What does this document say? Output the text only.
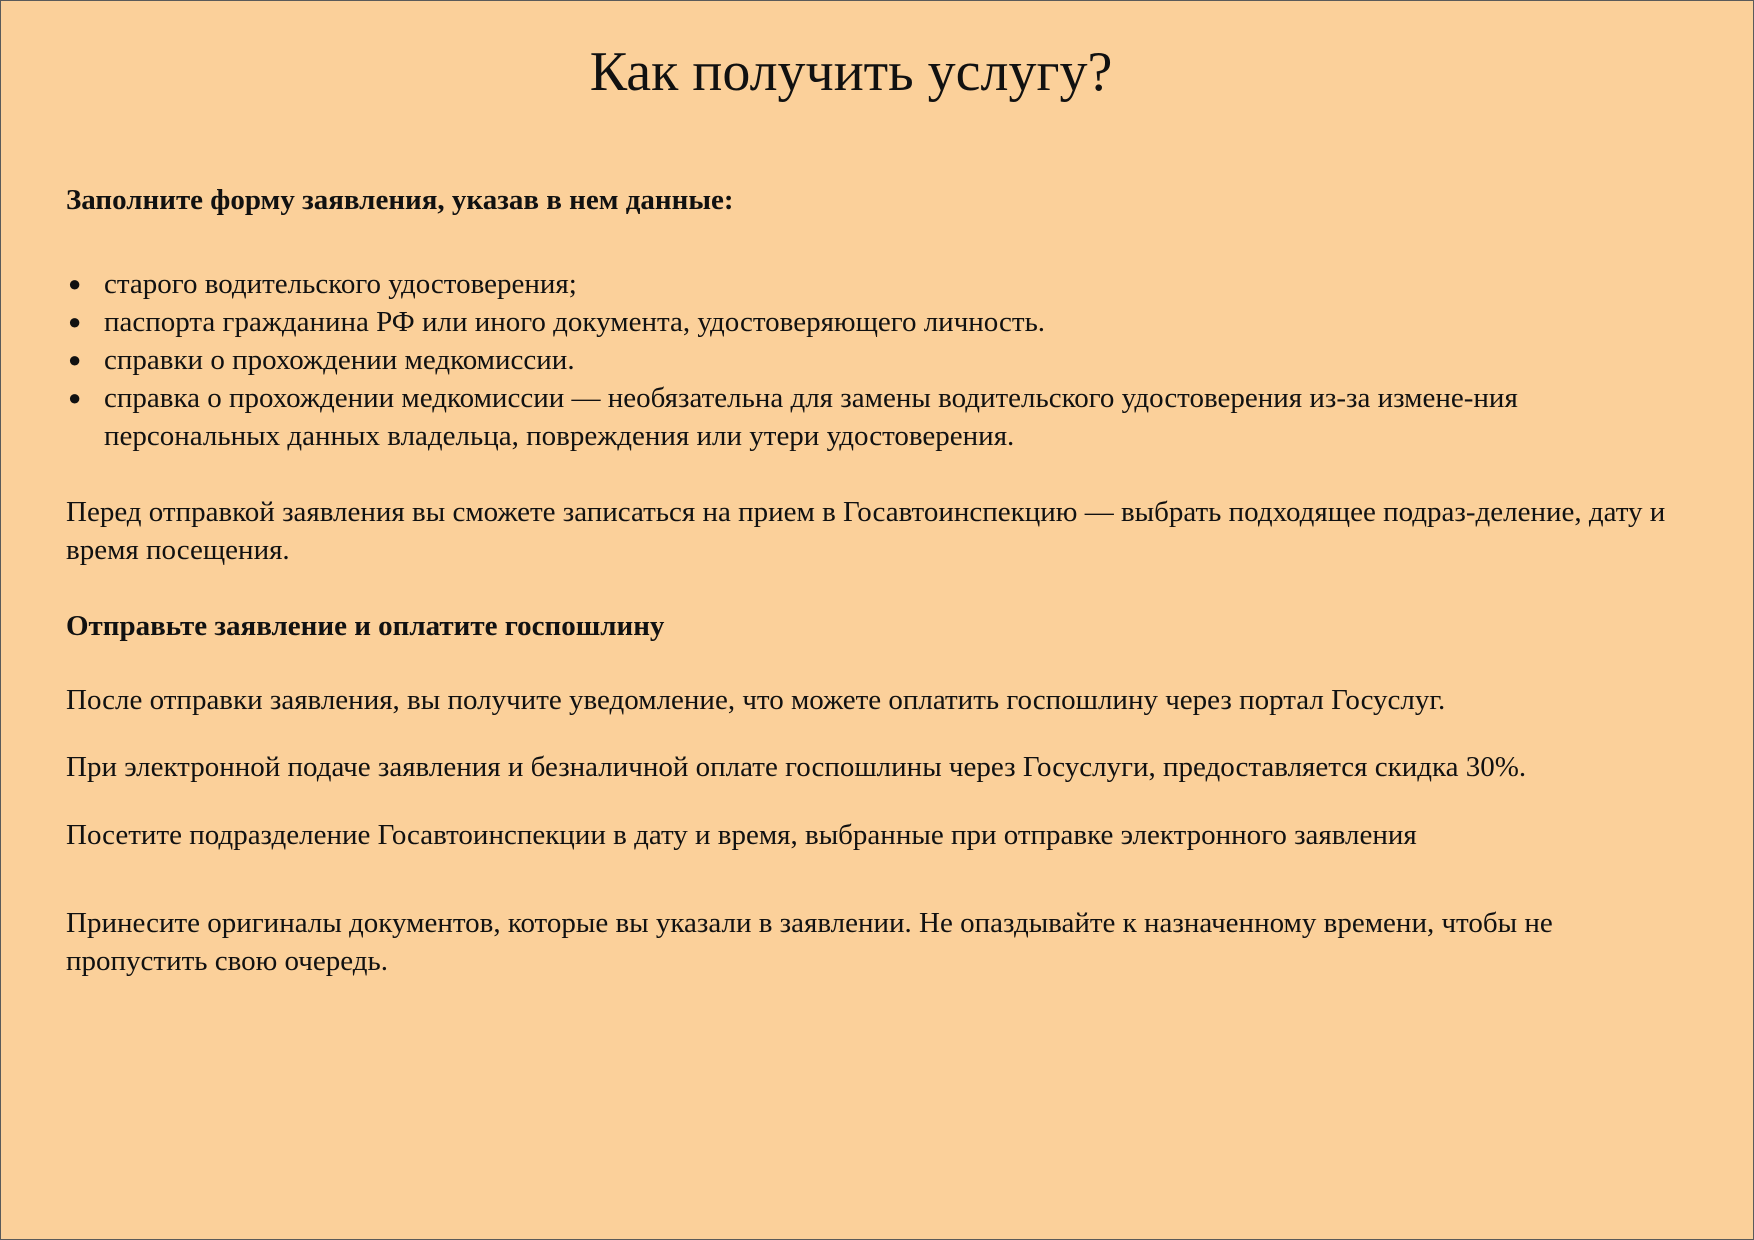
Как получить услугу?

Заполните форму заявления, указав в нем данные:

● старого водительского удостоверения;
● паспорта гражданина РФ или иного документа, удостоверяющего личность.
● справки о прохождении медкомиссии.
● справка о прохождении медкомиссии — необязательна для замены водительского удостоверения из-за измене-ния персональных данных владельца, повреждения или утери удостоверения.

Перед отправкой заявления вы сможете записаться на прием в Госавтоинспекцию — выбрать подходящее подраз-деление, дату и время посещения.

Отправьте заявление и оплатите госпошлину

После отправки заявления, вы получите уведомление, что можете оплатить госпошлину через портал Госуслуг.

При электронной подаче заявления и безналичной оплате госпошлины через Госуслуги, предоставляется скидка 30%.

Посетите подразделение Госавтоинспекции в дату и время, выбранные при отправке электронного заявления

Принесите оригиналы документов, которые вы указали в заявлении. Не опаздывайте к назначенному времени, чтобы не пропустить свою очередь.
